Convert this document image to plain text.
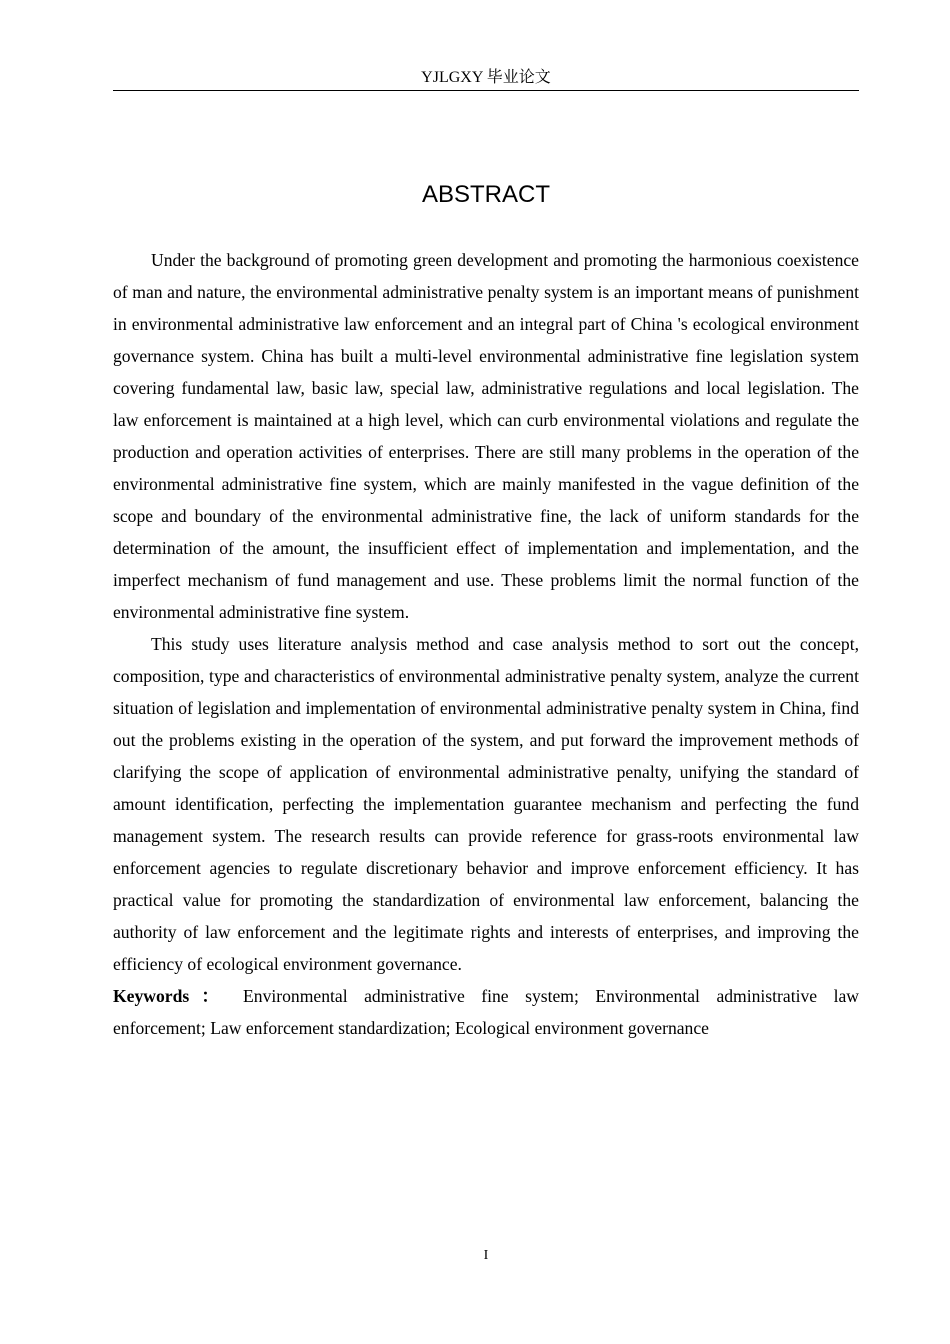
YJLGXY 毕业论文
ABSTRACT

Under the background of promoting green development and promoting the harmonious coexistence of man and nature, the environmental administrative penalty system is an important means of punishment in environmental administrative law enforcement and an integral part of China 's ecological environment governance system. China has built a multi-level environmental administrative fine legislation system covering fundamental law, basic law, special law, administrative regulations and local legislation. The law enforcement is maintained at a high level, which can curb environmental violations and regulate the production and operation activities of enterprises. There are still many problems in the operation of the environmental administrative fine system, which are mainly manifested in the vague definition of the scope and boundary of the environmental administrative fine, the lack of uniform standards for the determination of the amount, the insufficient effect of implementation and implementation, and the imperfect mechanism of fund management and use. These problems limit the normal function of the environmental administrative fine system.

This study uses literature analysis method and case analysis method to sort out the concept, composition, type and characteristics of environmental administrative penalty system, analyze the current situation of legislation and implementation of environmental administrative penalty system in China, find out the problems existing in the operation of the system, and put forward the improvement methods of clarifying the scope of application of environmental administrative penalty, unifying the standard of amount identification, perfecting the implementation guarantee mechanism and perfecting the fund management system. The research results can provide reference for grass-roots environmental law enforcement agencies to regulate discretionary behavior and improve enforcement efficiency. It has practical value for promoting the standardization of environmental law enforcement, balancing the authority of law enforcement and the legitimate rights and interests of enterprises, and improving the efficiency of ecological environment governance.

Keywords： Environmental administrative fine system; Environmental administrative law enforcement; Law enforcement standardization; Ecological environment governance

I
